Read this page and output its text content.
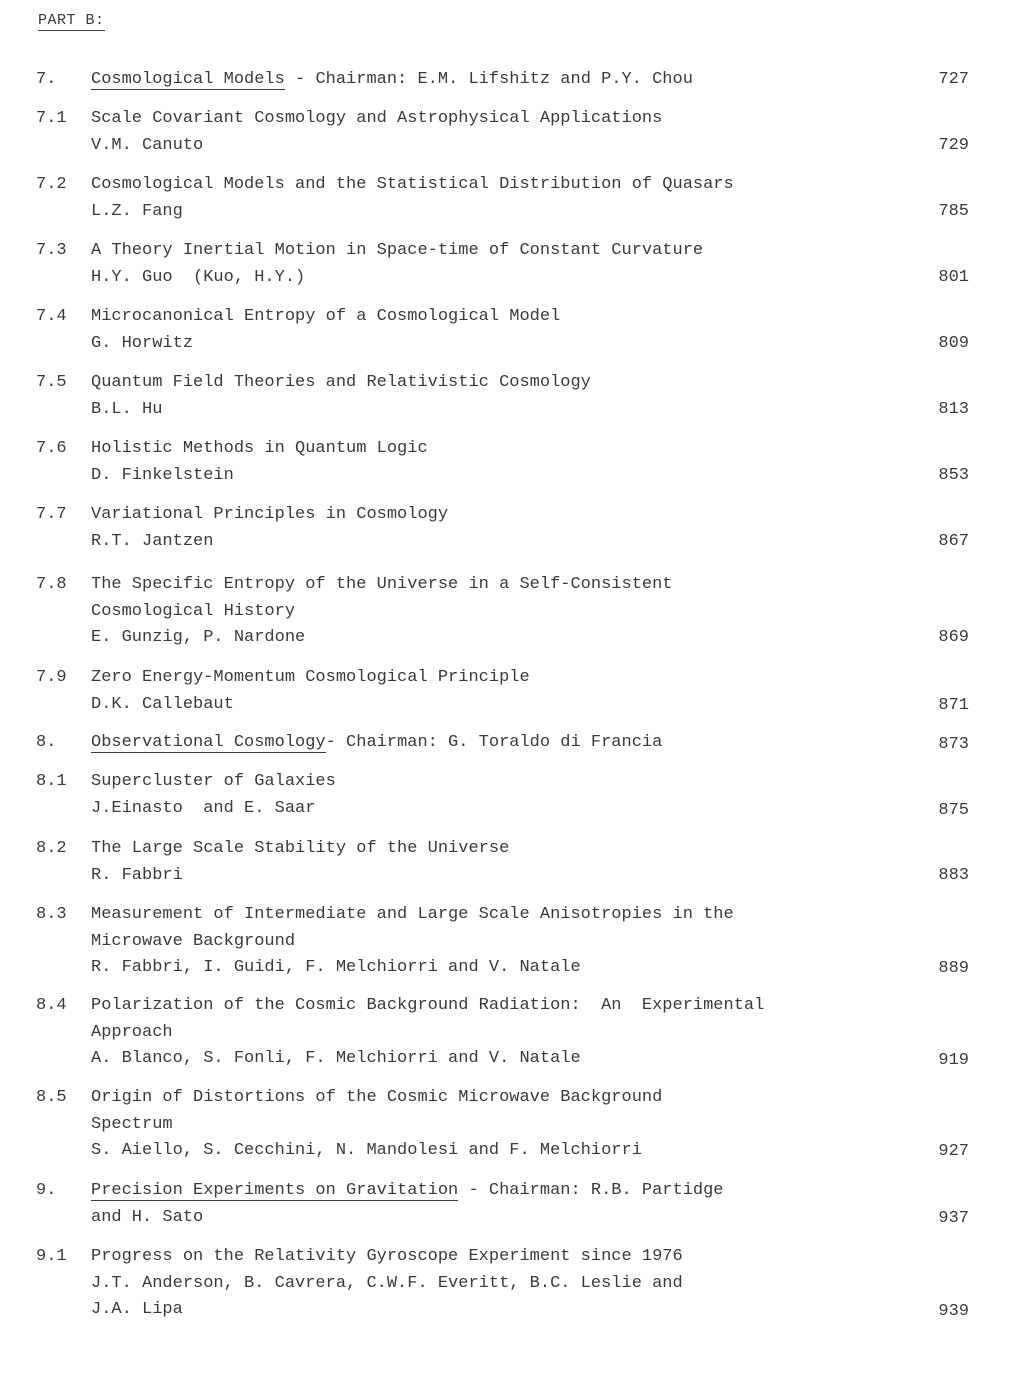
PART B:
7. Cosmological Models - Chairman: E.M. Lifshitz and P.Y. Chou	727
7.1 Scale Covariant Cosmology and Astrophysical Applications
V.M. Canuto	729
7.2 Cosmological Models and the Statistical Distribution of Quasars
L.Z. Fang	785
7.3 A Theory Inertial Motion in Space-time of Constant Curvature
H.Y. Guo  (Kuo, H.Y.)	801
7.4 Microcanonical Entropy of a Cosmological Model
G. Horwitz	809
7.5 Quantum Field Theories and Relativistic Cosmology
B.L. Hu	813
7.6 Holistic Methods in Quantum Logic
D. Finkelstein	853
7.7 Variational Principles in Cosmology
R.T. Jantzen	867
7.8 The Specific Entropy of the Universe in a Self-Consistent
Cosmological History
E. Gunzig, P. Nardone	869
7.9 Zero Energy-Momentum Cosmological Principle
D.K. Callebaut	871
8. Observational Cosmology- Chairman: G. Toraldo di Francia	873
8.1 Supercluster of Galaxies
J.Einasto  and E. Saar	875
8.2 The Large Scale Stability of the Universe
R. Fabbri	883
8.3 Measurement of Intermediate and Large Scale Anisotropies in the
Microwave Background
R. Fabbri, I. Guidi, F. Melchiorri and V. Natale	889
8.4 Polarization of the Cosmic Background Radiation:  An  Experimental
Approach
A. Blanco, S. Fonli, F. Melchiorri and V. Natale	919
8.5 Origin of Distortions of the Cosmic Microwave Background
Spectrum
S. Aiello, S. Cecchini, N. Mandolesi and F. Melchiorri	927
9. Precision Experiments on Gravitation - Chairman: R.B. Partidge
and H. Sato	937
9.1 Progress on the Relativity Gyroscope Experiment since 1976
J.T. Anderson, B. Cavrera, C.W.F. Everitt, B.C. Leslie and
J.A. Lipa	939
